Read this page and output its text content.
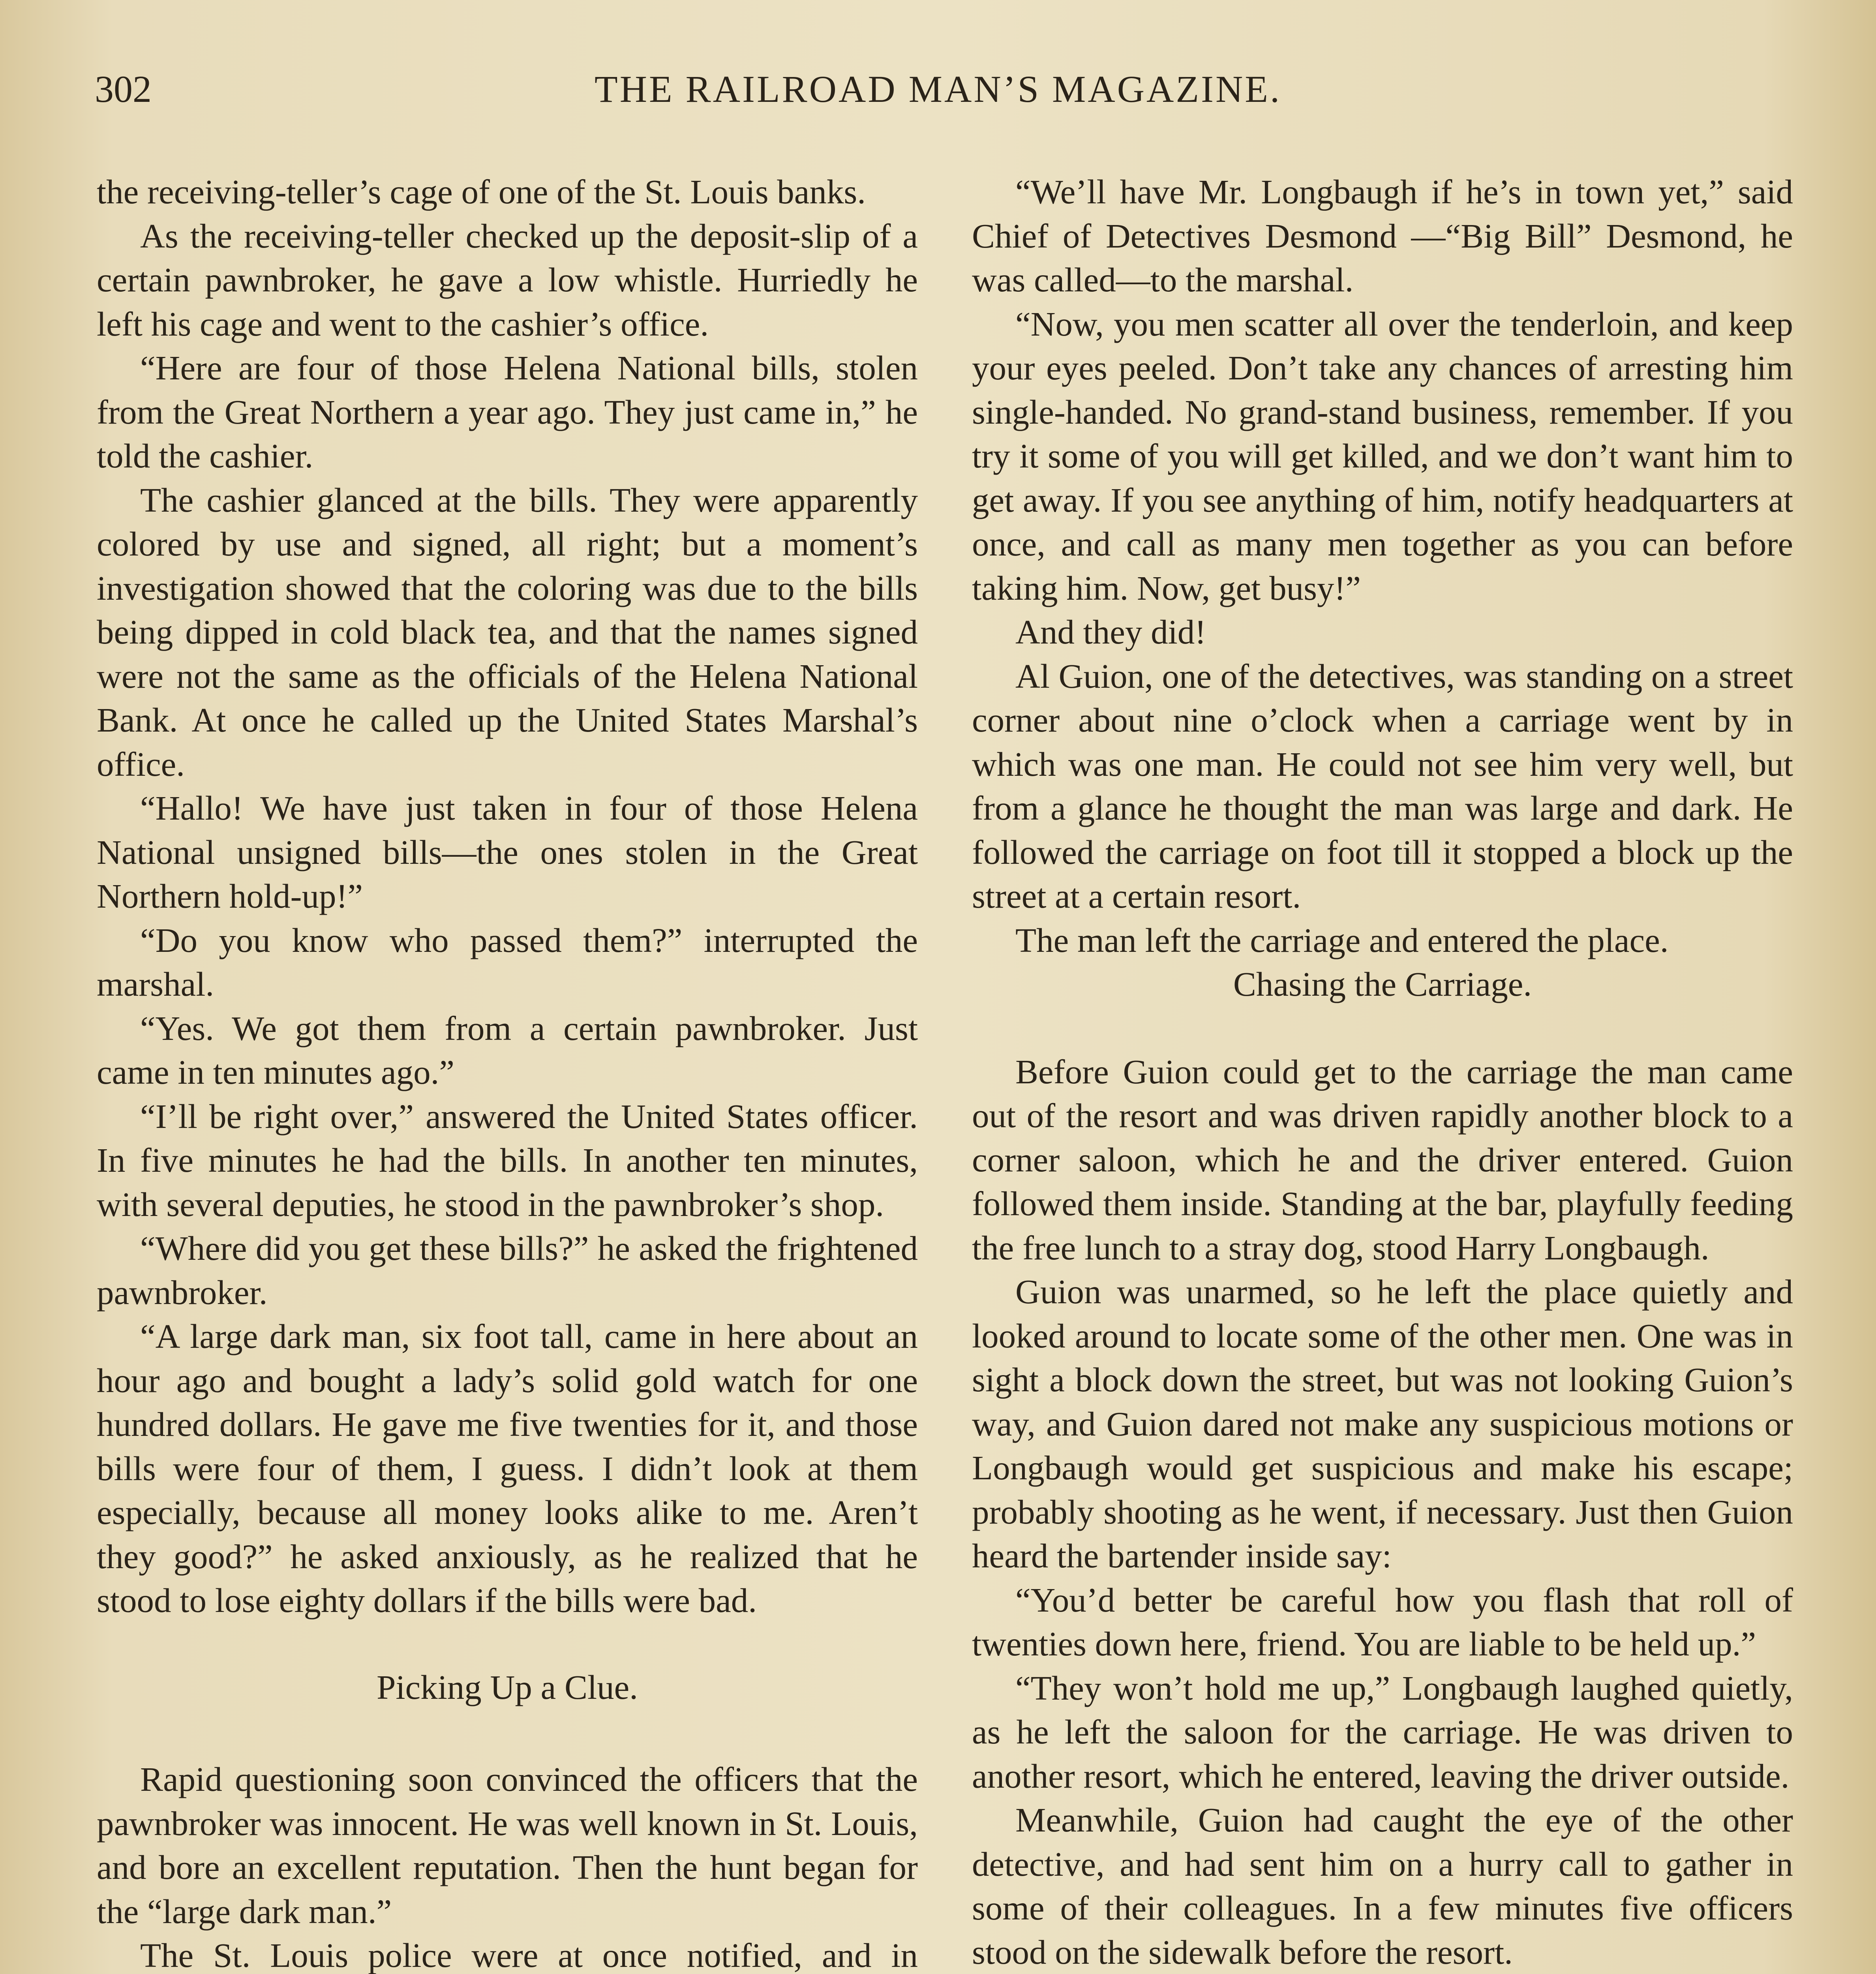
302	THE RAILROAD MAN’S MAGAZINE.

the receiving-teller’s cage of one of the St. Louis banks.

As the receiving-teller checked up the deposit-slip of a certain pawnbroker, he gave a low whistle. Hurriedly he left his cage and went to the cashier’s office.

“Here are four of those Helena National bills, stolen from the Great Northern a year ago. They just came in,” he told the cashier.

The cashier glanced at the bills. They were apparently colored by use and signed, all right; but a moment’s investigation showed that the coloring was due to the bills being dipped in cold black tea, and that the names signed were not the same as the officials of the Helena National Bank. At once he called up the United States Marshal’s office.

“Hallo! We have just taken in four of those Helena National unsigned bills—the ones stolen in the Great Northern hold-up!”

“Do you know who passed them?” interrupted the marshal.

“Yes. We got them from a certain pawnbroker. Just came in ten minutes ago.”

“I’ll be right over,” answered the United States officer. In five minutes he had the bills. In another ten minutes, with several deputies, he stood in the pawnbroker’s shop.

“Where did you get these bills?” he asked the frightened pawnbroker.

“A large dark man, six foot tall, came in here about an hour ago and bought a lady’s solid gold watch for one hundred dollars. He gave me five twenties for it, and those bills were four of them, I guess. I didn’t look at them especially, because all money looks alike to me. Aren’t they good?” he asked anxiously, as he realized that he stood to lose eighty dollars if the bills were bad.

Picking Up a Clue.

Rapid questioning soon convinced the officers that the pawnbroker was innocent. He was well known in St. Louis, and bore an excellent reputation. Then the hunt began for the “large dark man.”

The St. Louis police were at once notified, and in

“We’ll have Mr. Longbaugh if he’s in town yet,” said Chief of Detectives Desmond —“Big Bill” Desmond, he was called—to the marshal.

“Now, you men scatter all over the tenderloin, and keep your eyes peeled. Don’t take any chances of arresting him single-handed. No grand-stand business, remember. If you try it some of you will get killed, and we don’t want him to get away. If you see anything of him, notify headquarters at once, and call as many men together as you can before taking him. Now, get busy!”

And they did!

Al Guion, one of the detectives, was standing on a street corner about nine o’clock when a carriage went by in which was one man. He could not see him very well, but from a glance he thought the man was large and dark. He followed the carriage on foot till it stopped a block up the street at a certain resort.

The man left the carriage and entered the place.

Chasing the Carriage.

Before Guion could get to the carriage the man came out of the resort and was driven rapidly another block to a corner saloon, which he and the driver entered. Guion followed them inside. Standing at the bar, playfully feeding the free lunch to a stray dog, stood Harry Longbaugh.

Guion was unarmed, so he left the place quietly and looked around to locate some of the other men. One was in sight a block down the street, but was not looking Guion’s way, and Guion dared not make any suspicious motions or Longbaugh would get suspicious and make his escape; probably shooting as he went, if necessary. Just then Guion heard the bartender inside say:

“You’d better be careful how you flash that roll of twenties down here, friend. You are liable to be held up.”

“They won’t hold me up,” Longbaugh laughed quietly, as he left the saloon for the carriage. He was driven to another resort, which he entered, leaving the driver outside.

Meanwhile, Guion had caught the eye of the other detective, and had sent him on a hurry call to gather in some of their colleagues. In a few minutes five officers stood on the sidewalk before the resort.
